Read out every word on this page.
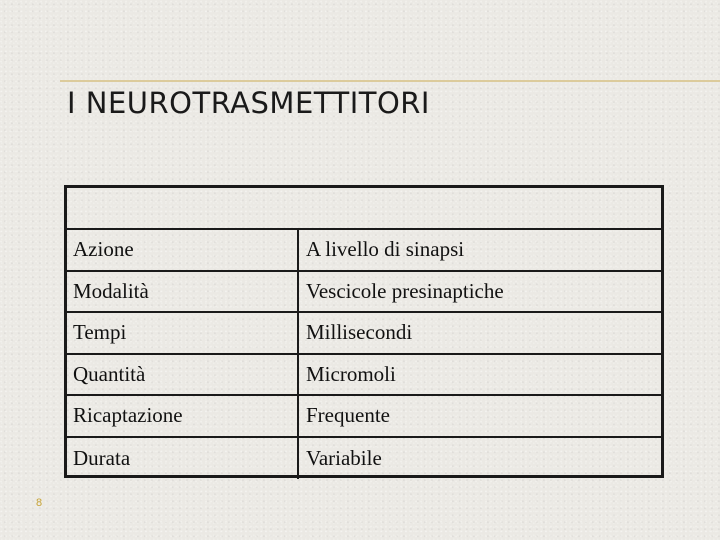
I NEUROTRASMETTITORI
Azione	A livello di sinapsi
Modalità	Vescicole presinaptiche
Tempi	Millisecondi
Quantità	Micromoli
Ricaptazione	Frequente
Durata	Variabile
8
